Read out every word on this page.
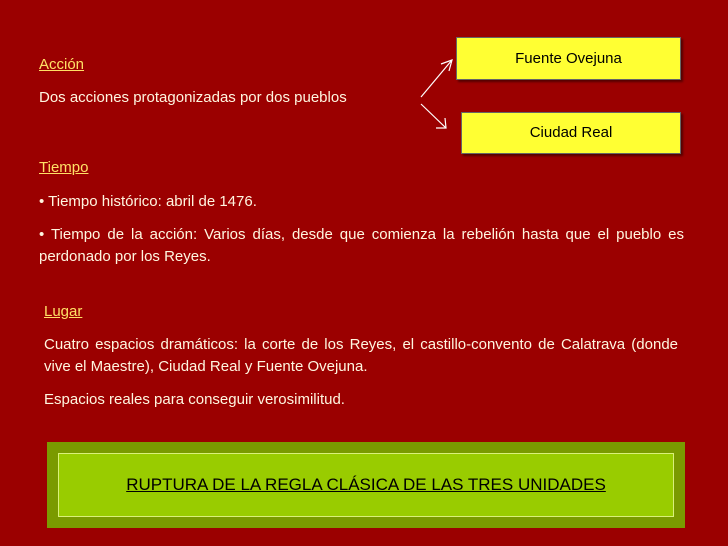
Acción
Dos acciones protagonizadas por dos pueblos
Fuente Ovejuna
Ciudad Real
Tiempo
• Tiempo histórico: abril de 1476.
• Tiempo de la acción: Varios días, desde que comienza la rebelión hasta que el pueblo es perdonado por los Reyes.
Lugar
Cuatro espacios dramáticos: la corte de los Reyes, el castillo-convento de Calatrava (donde vive el Maestre), Ciudad Real y Fuente Ovejuna.
Espacios reales para conseguir verosimilitud.
RUPTURA DE LA REGLA CLÁSICA DE LAS TRES UNIDADES
